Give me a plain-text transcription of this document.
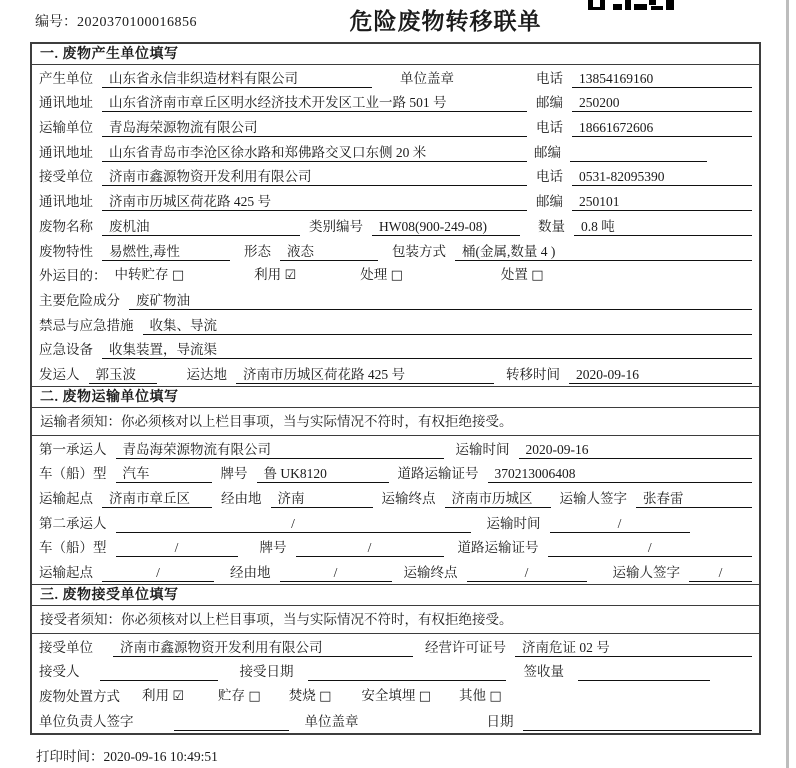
编号：2020370100016856	危险废物转移联单
一. 废物产生单位填写
产生单位	山东省永信非织造材料有限公司	单位盖章	电话	13854169160
通讯地址	山东省济南市章丘区明水经济技术开发区工业一路 501 号	邮编	250200
运输单位	青岛海荣源物流有限公司	电话	18661672606
通讯地址	山东省青岛市李沧区徐水路和郑佛路交叉口东侧 20 米	邮编
接受单位	济南市鑫源物资开发利用有限公司	电话	0531-82095390
通讯地址	济南市历城区荷花路 425 号	邮编	250101
废物名称	废机油	类别编号	HW08(900-249-08)	数量	0.8 吨
废物特性	易燃性,毒性	形态	液态	包装方式	桶(金属,数量 4 )
外运目的： 中转贮存 □	利用 ☑	处理 □	处置 □
主要危险成分	废矿物油
禁忌与应急措施	收集、导流
应急设备	收集装置，导流渠
发运人	郭玉波	运达地	济南市历城区荷花路 425 号	转移时间	2020-09-16
二. 废物运输单位填写
运输者须知：你必须核对以上栏目事项，当与实际情况不符时，有权拒绝接受。
第一承运人	青岛海荣源物流有限公司	运输时间	2020-09-16
车（船）型	汽车	牌号	鲁 UK8120	道路运输证号	370213006408
运输起点	济南市章丘区	经由地	济南	运输终点	济南市历城区	运输人签字	张春雷
第二承运人	/	运输时间	/
车（船）型	/	牌号	/	道路运输证号	/
运输起点	/	经由地	/	运输终点	/	运输人签字	/
三. 废物接受单位填写
接受者须知：你必须核对以上栏目事项，当与实际情况不符时，有权拒绝接受。
接受单位	济南市鑫源物资开发利用有限公司	经营许可证号	济南危证 02 号
接受人	接受日期	签收量
废物处置方式 利用 ☑	贮存 □ 焚烧 □ 安全填埋 □ 其他 □
单位负责人签字	单位盖章	日期
打印时间：2020-09-16 10:49:51
